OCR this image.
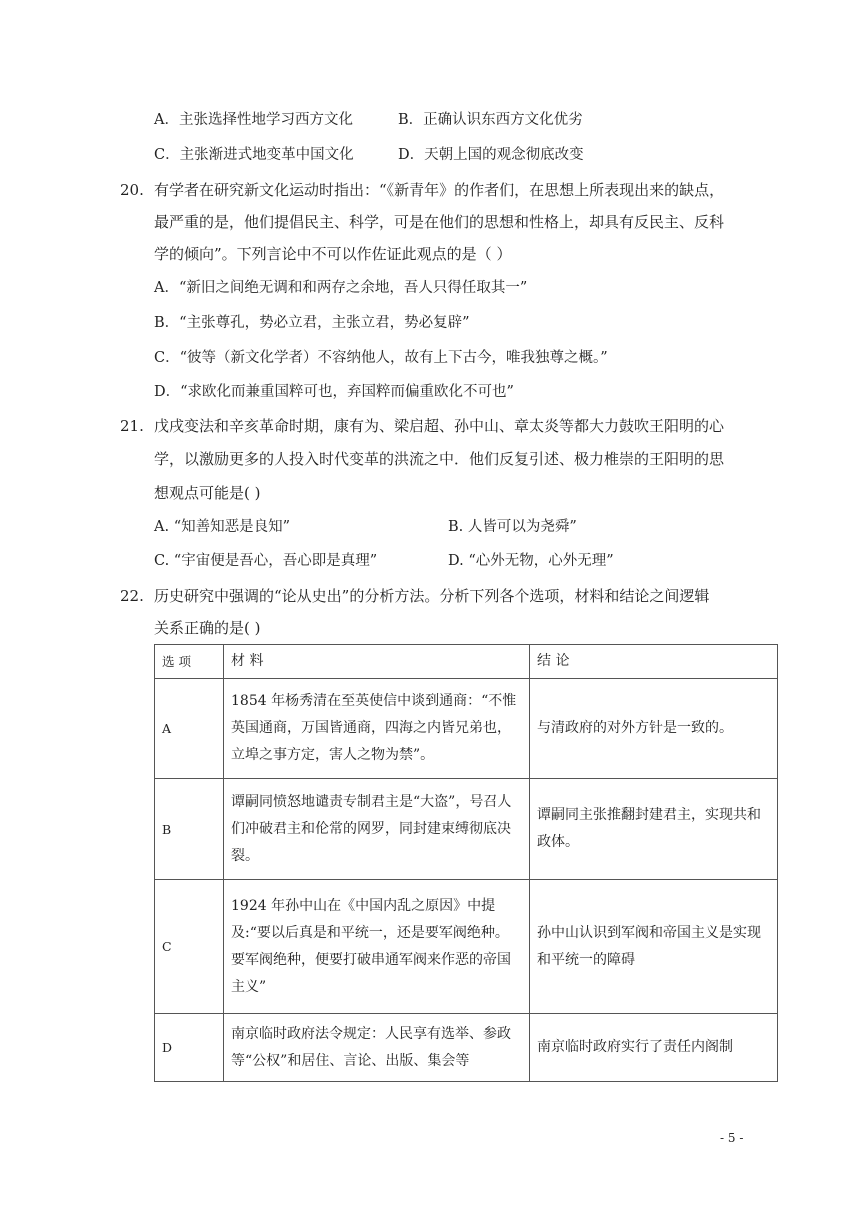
A．主张选择性地学习西方文化	B．正确认识东西方文化优劣
C．主张渐进式地变革中国文化	D．天朝上国的观念彻底改变
20. 有学者在研究新文化运动时指出：“《新青年》的作者们，在思想上所表现出来的缺点，
最严重的是，他们提倡民主、科学，可是在他们的思想和性格上，却具有反民主、反科
学的倾向”。下列言论中不可以作佐证此观点的是（ ）
A．“新旧之间绝无调和和两存之余地，吾人只得任取其一”
B．“主张尊孔，势必立君，主张立君，势必复辟”
C．“彼等（新文化学者）不容纳他人，故有上下古今，唯我独尊之概。”
D．“求欧化而兼重国粹可也，弃国粹而偏重欧化不可也”
21. 戊戌变法和辛亥革命时期，康有为、梁启超、孙中山、章太炎等都大力鼓吹王阳明的心
学，以激励更多的人投入时代变革的洪流之中．他们反复引述、极力椎崇的王阳明的思
想观点可能是( )
A. “知善知恶是良知”	B. 人皆可以为尧舜”
C. “宇宙便是吾心，吾心即是真理”	D. “心外无物，心外无理”
22. 历史研究中强调的“论从史出”的分析方法。分析下列各个选项，材料和结论之间逻辑
关系正确的是( )
选 项	材 料	结 论
A	1854 年杨秀清在至英使信中谈到通商：“不惟英国通商，万国皆通商，四海之内皆兄弟也，立埠之事方定，害人之物为禁”。	与清政府的对外方针是一致的。
B	谭嗣同愤怒地谴责专制君主是“大盗”，号召人们冲破君主和伦常的网罗，同封建束缚彻底决裂。	谭嗣同主张推翻封建君主，实现共和政体。
C	1924 年孙中山在《中国内乱之原因》中提及:“要以后真是和平统一，还是要军阀绝种。要军阀绝种，便要打破串通军阀来作恶的帝国主义”	孙中山认识到军阀和帝国主义是实现和平统一的障碍
D	南京临时政府法令规定：人民享有选举、参政等“公权”和居住、言论、出版、集会等	南京临时政府实行了责任内阁制
- 5 -
